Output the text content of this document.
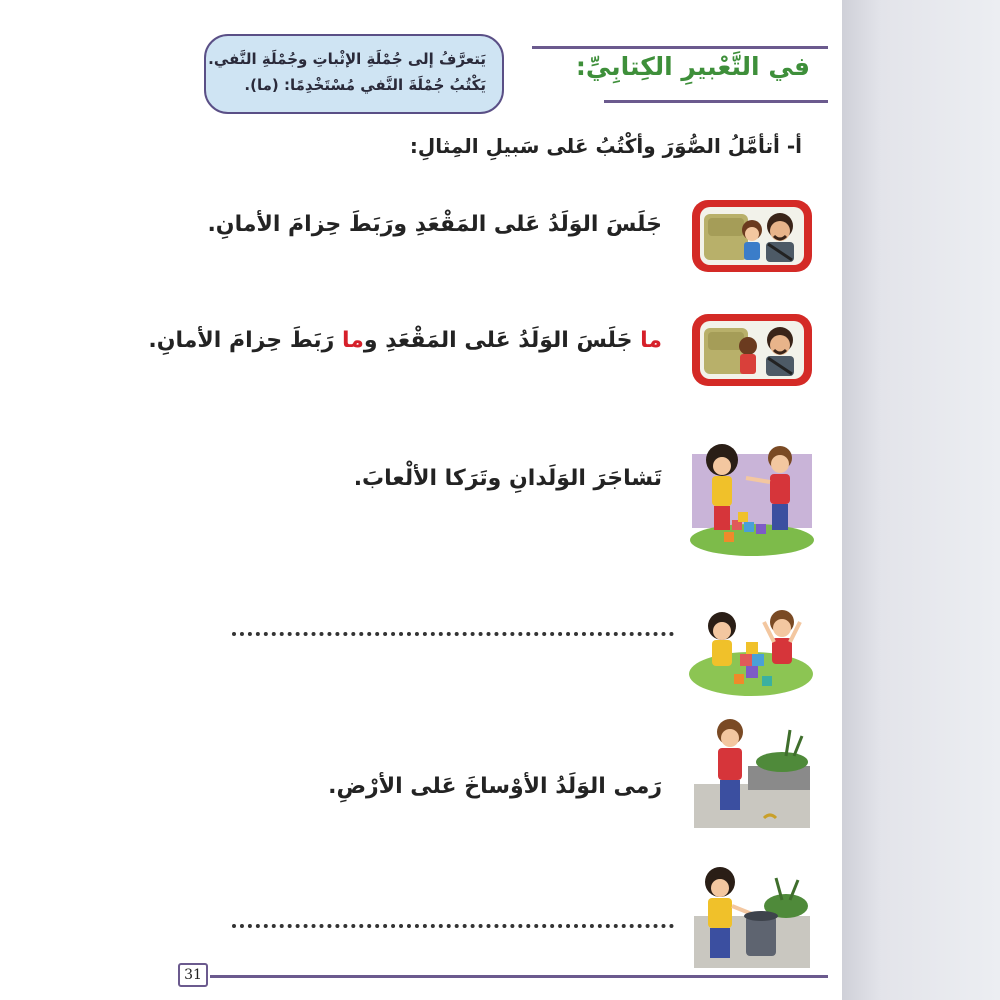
يَتعرَّفُ إلى جُمْلَةِ الإثْباتِ وجُمْلَةِ النَّفي.
يَكْتُبُ جُمْلَةَ النَّفي مُسْتَخْدِمًا: (ما).
في التَّعْبيرِ الكِتابِيِّ:
أ- أتأمَّلُ الصُّوَرَ وأكْتُبُ عَلى سَبيلِ المِثالِ:
جَلَسَ الوَلَدُ عَلى المَقْعَدِ ورَبَطَ حِزامَ الأمانِ.
ما جَلَسَ الوَلَدُ عَلى المَقْعَدِ وما رَبَطَ حِزامَ الأمانِ.
تَشاجَرَ الوَلَدانِ وتَرَكا الألْعابَ.
رَمى الوَلَدُ الأوْساخَ عَلى الأرْضِ.
31
